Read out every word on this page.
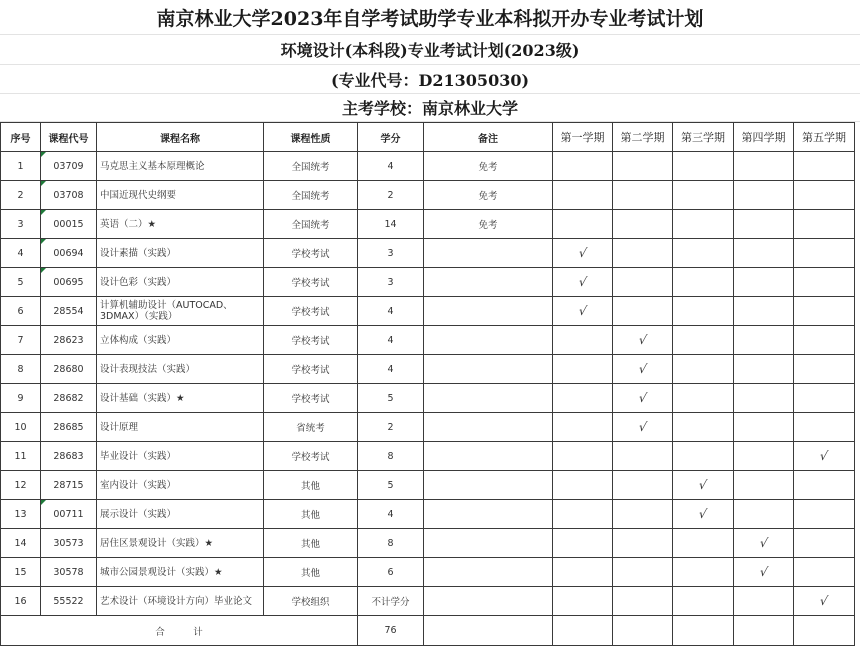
南京林业大学2023年自学考试助学专业本科拟开办专业考试计划
环境设计(本科段)专业考试计划(2023级)
(专业代号：D21305030)
主考学校：南京林业大学
序号	课程代号	课程名称	课程性质	学分	备注	第一学期	第二学期	第三学期	第四学期	第五学期
1	03709	马克思主义基本原理概论	全国统考	4	免考					
2	03708	中国近现代史纲要	全国统考	2	免考					
3	00015	英语（二）★	全国统考	14	免考					
4	00694	设计素描（实践）	学校考试	3		√				
5	00695	设计色彩（实践）	学校考试	3		√				
6	28554	计算机辅助设计（AUTOCAD、3DMAX）（实践）	学校考试	4		√				
7	28623	立体构成（实践）	学校考试	4			√			
8	28680	设计表现技法（实践）	学校考试	4			√			
9	28682	设计基础（实践）★	学校考试	5			√			
10	28685	设计原理	省统考	2			√			
11	28683	毕业设计（实践）	学校考试	8						√
12	28715	室内设计（实践）	其他	5				√		
13	00711	展示设计（实践）	其他	4				√		
14	30573	居住区景观设计（实践）★	其他	8					√	
15	30578	城市公园景观设计（实践）★	其他	6					√	
16	55522	艺术设计（环境设计方向）毕业论文	学校组织	不计学分						√
合　　　计				76						
